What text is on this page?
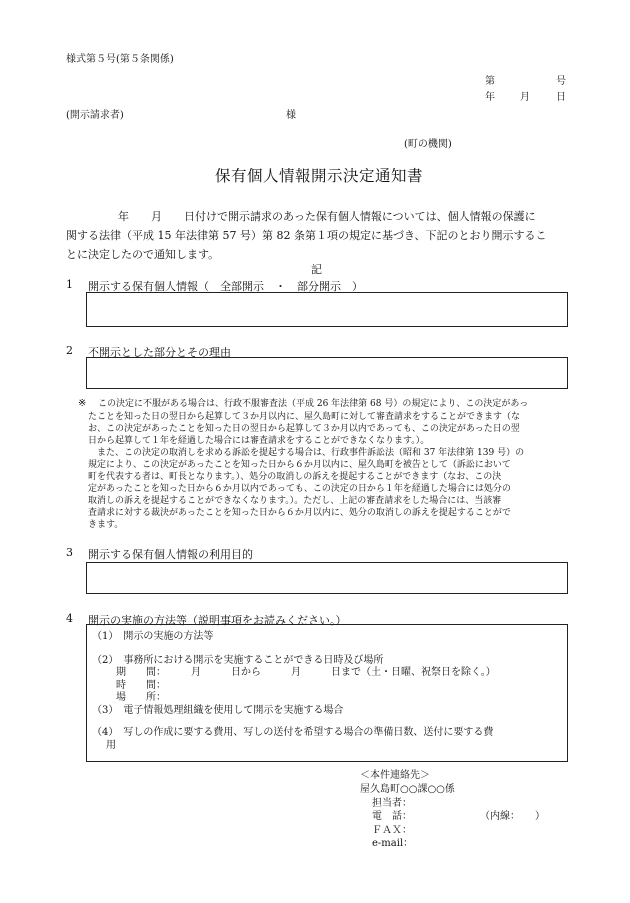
様式第５号(第５条関係)
第	号
年	月	日
(開示請求者)	様
(町の機関)
保有個人情報開示決定通知書
年　　月　　日付けで開示請求のあった保有個人情報については、個人情報の保護に
関する法律（平成 15 年法律第 57 号）第 82 条第１項の規定に基づき、下記のとおり開示するこ
とに決定したので通知します。
記
1 開示する保有個人情報（　全部開示　・　部分開示　）
2 不開示とした部分とその理由
※ この決定に不服がある場合は、行政不服審査法（平成 26 年法律第 68 号）の規定により、この決定があっ
たことを知った日の翌日から起算して３か月以内に、屋久島町に対して審査請求をすることができます（な
お、この決定があったことを知った日の翌日から起算して３か月以内であっても、この決定があった日の翌
日から起算して１年を経過した場合には審査請求をすることができなくなります。）。
　また、この決定の取消しを求める訴訟を提起する場合は、行政事件訴訟法（昭和 37 年法律第 139 号）の
規定により、この決定があったことを知った日から６か月以内に、屋久島町を被告として（訴訟において
町を代表する者は、町長となります。）、処分の取消しの訴えを提起することができます（なお、この決
定があったことを知った日から６か月以内であっても、この決定の日から１年を経過した場合には処分の
取消しの訴えを提起することができなくなります。）。ただし、上記の審査請求をした場合には、当該審
査請求に対する裁決があったことを知った日から６か月以内に、処分の取消しの訴えを提起することがで
きます。
3 開示する保有個人情報の利用目的
4 開示の実施の方法等（説明事項をお読みください。）
（1）　開示の実施の方法等
（2）　事務所における開示を実施することができる日時及び場所
期　　間：　　　月　　　日から　　　月　　　日まで（土・日曜、祝祭日を除く。）
時　　間：
場　　所：
（3）　電子情報処理組織を使用して開示を実施する場合
（4）　写しの作成に要する費用、写しの送付を希望する場合の準備日数、送付に要する費
用
＜本件連絡先＞
屋久島町○○課○○係
担当者：
電　話：	（内線：　　）
ＦＡＸ：
e-mail：
